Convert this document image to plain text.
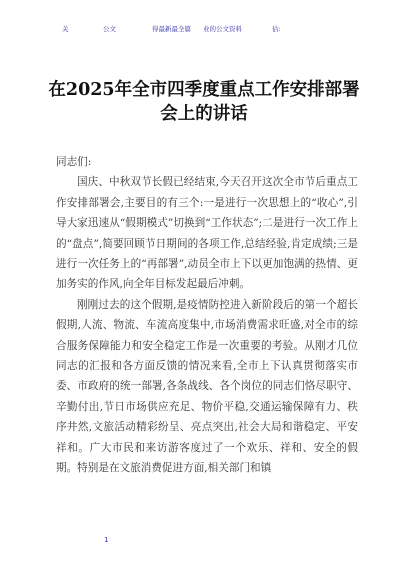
关	公文	得最新最全篇 业的公文资料	估:
在2025年全市四季度重点工作安排部署会上的讲话

同志们:

国庆、中秋双节长假已经结束,今天召开这次全市节后重点工作安排部署会,主要目的有三个:一是进行一次思想上的“收心”,引导大家迅速从“假期模式”切换到“工作状态”;二是进行一次工作上的“盘点”,简要回顾节日期间的各项工作,总结经验,肯定成绩;三是进行一次任务上的“再部署”,动员全市上下以更加饱满的热情、更加务实的作风,向全年目标发起最后冲刺。

刚刚过去的这个假期,是疫情防控进入新阶段后的第一个超长假期,人流、物流、车流高度集中,市场消费需求旺盛,对全市的综合服务保障能力和安全稳定工作是一次重要的考验。从刚才几位同志的汇报和各方面反馈的情况来看,全市上下认真贯彻落实市委、市政府的统一部署,各条战线、各个岗位的同志们恪尽职守、辛勤付出,节日市场供应充足、物价平稳,交通运输保障有力、秩序井然,文旅活动精彩纷呈、亮点突出,社会大局和谐稳定、平安祥和。广大市民和来访游客度过了一个欢乐、祥和、安全的假期。特别是在文旅消费促进方面,相关部门和镇

1
